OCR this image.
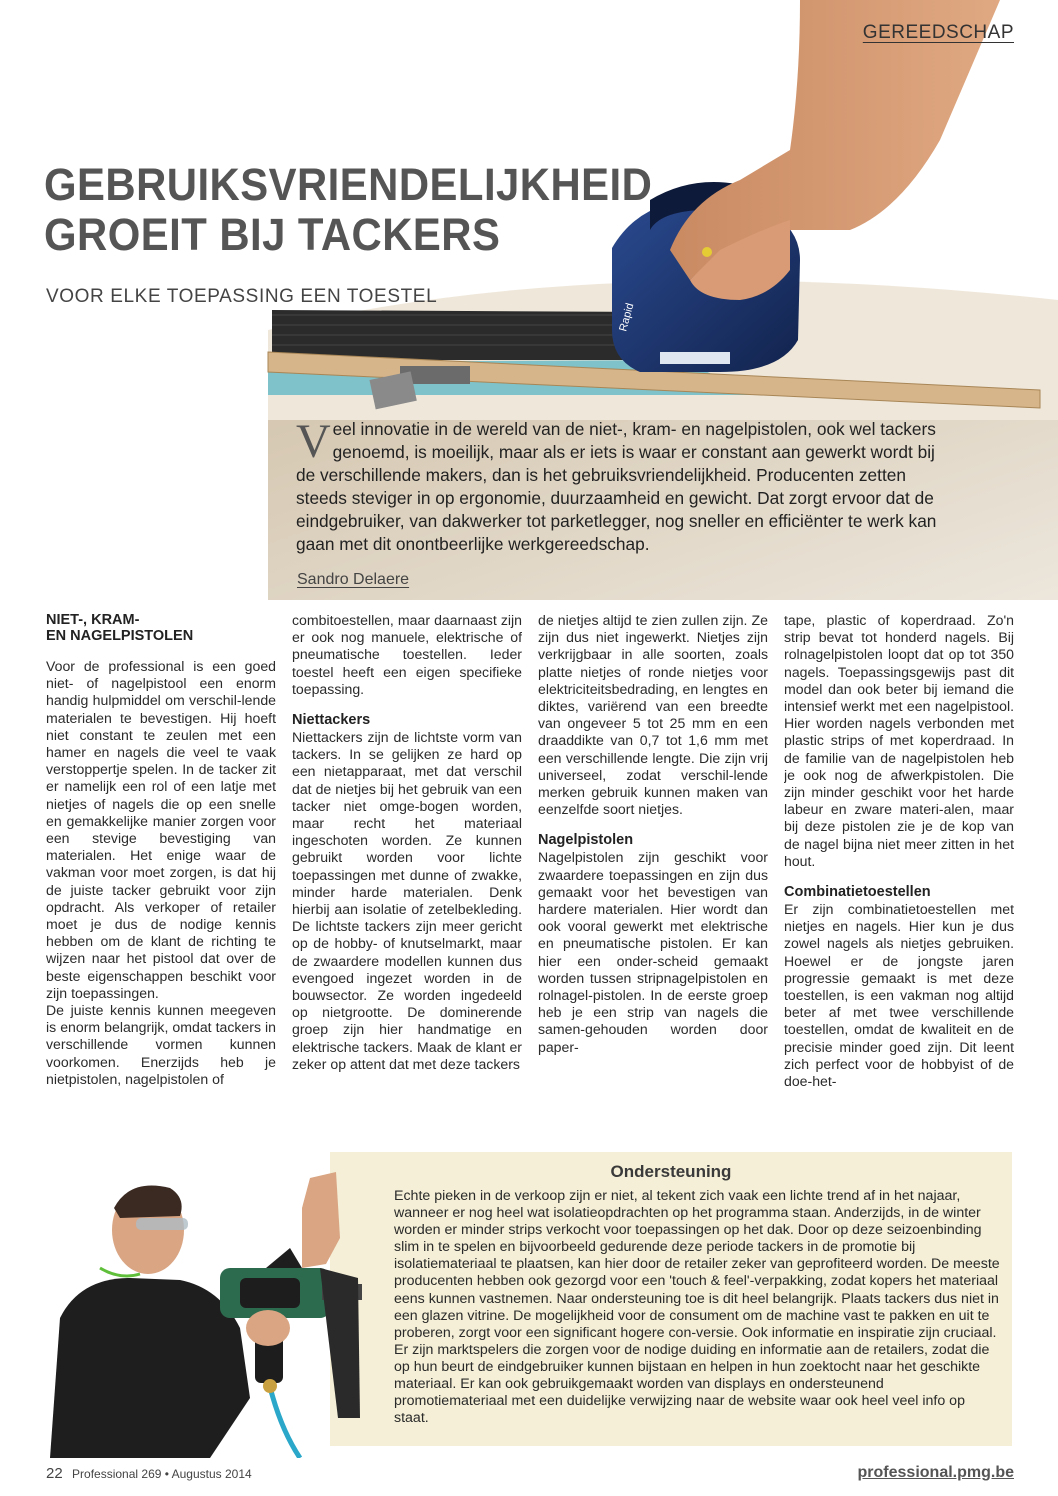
Rapid
GEREEDSCHAP
GEBRUIKSVRIENDELIJKHEID
GROEIT BIJ TACKERS
VOOR ELKE TOEPASSING EEN TOESTEL
V eel innovatie in de wereld van de niet-, kram- en nagelpistolen, ook wel tackers genoemd, is moeilijk, maar als er iets is waar er constant aan gewerkt wordt bij de verschillende makers, dan is het gebruiksvriendelijkheid. Producenten zetten steeds steviger in op ergonomie, duurzaamheid en gewicht. Dat zorgt ervoor dat de eindgebruiker, van dakwerker tot parketlegger, nog sneller en efficiënter te werk kan gaan met dit onontbeerlijke werkgereedschap.
Sandro Delaere
NIET-, KRAM-
EN NAGELPISTOLEN

Voor de professional is een goed niet- of nagelpistool een enorm handig hulpmiddel om verschil-lende materialen te bevestigen. Hij hoeft niet constant te zeulen met een hamer en nagels die veel te vaak verstoppertje spelen. In de tacker zit er namelijk een rol of een latje met nietjes of nagels die op een snelle en gemakkelijke manier zorgen voor een stevige bevestiging van materialen. Het enige waar de vakman voor moet zorgen, is dat hij de juiste tacker gebruikt voor zijn opdracht. Als verkoper of retailer moet je dus de nodige kennis hebben om de klant de richting te wijzen naar het pistool dat over de beste eigenschappen beschikt voor zijn toepassingen.

De juiste kennis kunnen meegeven is enorm belangrijk, omdat tackers in verschillende vormen kunnen voorkomen. Enerzijds heb je nietpistolen, nagelpistolen of

combitoestellen, maar daarnaast zijn er ook nog manuele, elektrische of pneumatische toestellen. Ieder toestel heeft een eigen specifieke toepassing.

Niettackers

Niettackers zijn de lichtste vorm van tackers. In se gelijken ze hard op een nietapparaat, met dat verschil dat de nietjes bij het gebruik van een tacker niet omge-bogen worden, maar recht het materiaal ingeschoten worden. Ze kunnen gebruikt worden voor lichte toepassingen met dunne of zwakke, minder harde materialen. Denk hierbij aan isolatie of zetelbekleding. De lichtste tackers zijn meer gericht op de hobby- of knutselmarkt, maar de zwaardere modellen kunnen dus evengoed ingezet worden in de bouwsector. Ze worden ingedeeld op nietgrootte. De dominerende groep zijn hier handmatige en elektrische tackers. Maak de klant er zeker op attent dat met deze tackers

de nietjes altijd te zien zullen zijn. Ze zijn dus niet ingewerkt. Nietjes zijn verkrijgbaar in alle soorten, zoals platte nietjes of ronde nietjes voor elektriciteitsbedrading, en lengtes en diktes, variërend van een breedte van ongeveer 5 tot 25 mm en een draaddikte van 0,7 tot 1,6 mm met een verschillende lengte. Die zijn vrij universeel, zodat verschil-lende merken gebruik kunnen maken van eenzelfde soort nietjes.

Nagelpistolen

Nagelpistolen zijn geschikt voor zwaardere toepassingen en zijn dus gemaakt voor het bevestigen van hardere materialen. Hier wordt dan ook vooral gewerkt met elektrische en pneumatische pistolen. Er kan hier een onder-scheid gemaakt worden tussen stripnagelpistolen en rolnagel-pistolen. In de eerste groep heb je een strip van nagels die samen-gehouden worden door paper-

tape, plastic of koperdraad. Zo'n strip bevat tot honderd nagels. Bij rolnagelpistolen loopt dat op tot 350 nagels. Toepassingsgewijs past dit model dan ook beter bij iemand die intensief werkt met een nagelpistool. Hier worden nagels verbonden met plastic strips of met koperdraad. In de familie van de nagelpistolen heb je ook nog de afwerkpistolen. Die zijn minder geschikt voor het harde labeur en zware materi-alen, maar bij deze pistolen zie je de kop van de nagel bijna niet meer zitten in het hout.

Combinatietoestellen

Er zijn combinatietoestellen met nietjes en nagels. Hier kun je dus zowel nagels als nietjes gebruiken. Hoewel er de jongste jaren progressie gemaakt is met deze toestellen, is een vakman nog altijd beter af met twee verschillende toestellen, omdat de kwaliteit en de precisie minder goed zijn. Dit leent zich perfect voor de hobbyist of de doe-het-

Ondersteuning

Echte pieken in de verkoop zijn er niet, al tekent zich vaak een lichte trend af in het najaar, wanneer er nog heel wat isolatieopdrachten op het programma staan. Anderzijds, in de winter worden er minder strips verkocht voor toepassingen op het dak. Door op deze seizoenbinding slim in te spelen en bijvoorbeeld gedurende deze periode tackers in de promotie bij isolatiemateriaal te plaatsen, kan hier door de retailer zeker van geprofiteerd worden. De meeste producenten hebben ook gezorgd voor een 'touch & feel'-verpakking, zodat kopers het materiaal eens kunnen vastnemen. Naar ondersteuning toe is dit heel belangrijk. Plaats tackers dus niet in een glazen vitrine. De mogelijkheid voor de consument om de machine vast te pakken en uit te proberen, zorgt voor een significant hogere con-versie. Ook informatie en inspiratie zijn cruciaal. Er zijn marktspelers die zorgen voor de nodige duiding en informatie aan de retailers, zodat die op hun beurt de eindgebruiker kunnen bijstaan en helpen in hun zoektocht naar het geschikte materiaal. Er kan ook gebruikgemaakt worden van displays en ondersteunend promotiemateriaal met een duidelijke verwijzing naar de website waar ook heel veel info op staat.

22 Professional 269 • Augustus 2014	professional.pmg.be
